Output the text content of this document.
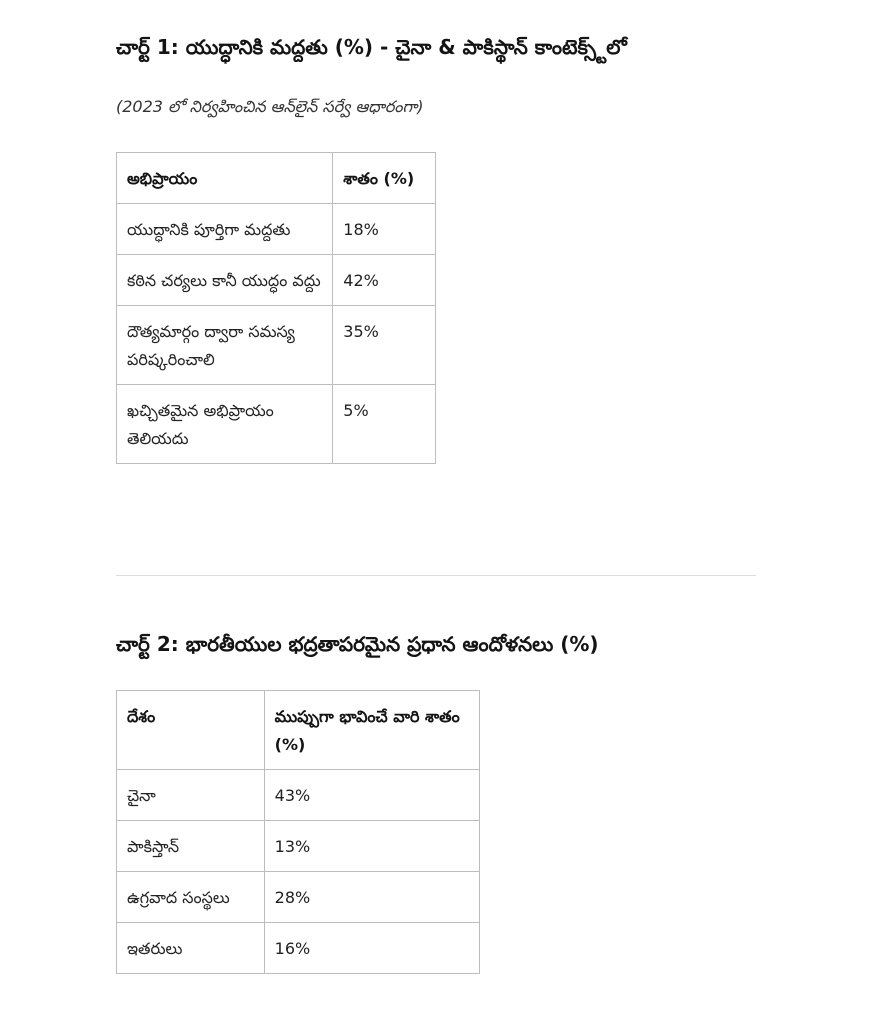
చార్ట్ 1: యుద్ధానికి మద్దతు (%) - చైనా & పాకిస్థాన్ కాంటెక్స్ట్‌లో
(2023 లో నిర్వహించిన ఆన్‌లైన్ సర్వే ఆధారంగా)
అభిప్రాయం	శాతం (%)
యుద్ధానికి పూర్తిగా మద్దతు	18%
కఠిన చర్యలు కానీ యుద్ధం వద్దు	42%
దౌత్యమార్గం ద్వారా సమస్య పరిష్కరించాలి	35%
ఖచ్చితమైన అభిప్రాయం తెలియదు	5%
చార్ట్ 2: భారతీయుల భద్రతాపరమైన ప్రధాన ఆందోళనలు (%)
దేశం	ముప్పుగా భావించే వారి శాతం (%)
చైనా	43%
పాకిస్తాన్	13%
ఉగ్రవాద సంస్థలు	28%
ఇతరులు	16%
